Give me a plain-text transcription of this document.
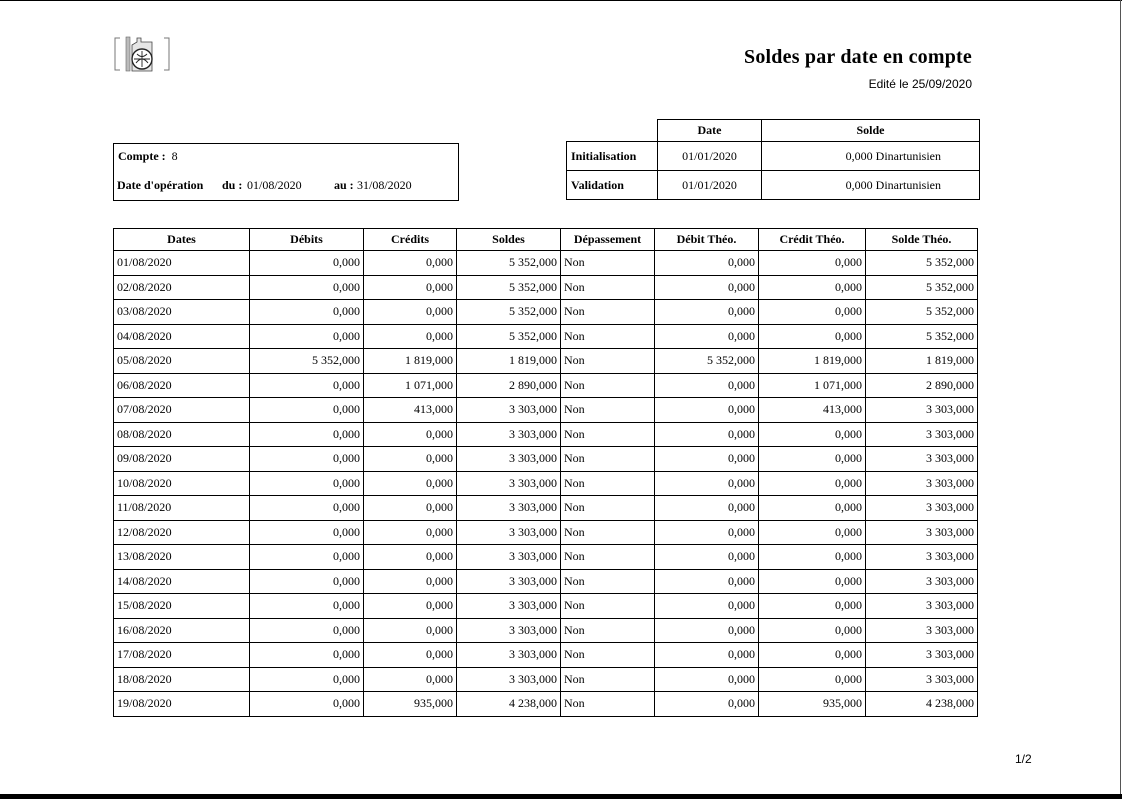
Soldes par date en compte
Edité le 25/09/2020
Compte : 8
Date d'opération du : 01/08/2020	au : 31/08/2020
	Date	Solde
Initialisation	01/01/2020	0,000 Dinartunisien
Validation	01/01/2020	0,000 Dinartunisien
Dates	Débits	Crédits	Soldes	Dépassement	Débit Théo.	Crédit Théo.	Solde Théo.
01/08/2020	0,000	0,000	5 352,000	Non	0,000	0,000	5 352,000
02/08/2020	0,000	0,000	5 352,000	Non	0,000	0,000	5 352,000
03/08/2020	0,000	0,000	5 352,000	Non	0,000	0,000	5 352,000
04/08/2020	0,000	0,000	5 352,000	Non	0,000	0,000	5 352,000
05/08/2020	5 352,000	1 819,000	1 819,000	Non	5 352,000	1 819,000	1 819,000
06/08/2020	0,000	1 071,000	2 890,000	Non	0,000	1 071,000	2 890,000
07/08/2020	0,000	413,000	3 303,000	Non	0,000	413,000	3 303,000
08/08/2020	0,000	0,000	3 303,000	Non	0,000	0,000	3 303,000
09/08/2020	0,000	0,000	3 303,000	Non	0,000	0,000	3 303,000
10/08/2020	0,000	0,000	3 303,000	Non	0,000	0,000	3 303,000
11/08/2020	0,000	0,000	3 303,000	Non	0,000	0,000	3 303,000
12/08/2020	0,000	0,000	3 303,000	Non	0,000	0,000	3 303,000
13/08/2020	0,000	0,000	3 303,000	Non	0,000	0,000	3 303,000
14/08/2020	0,000	0,000	3 303,000	Non	0,000	0,000	3 303,000
15/08/2020	0,000	0,000	3 303,000	Non	0,000	0,000	3 303,000
16/08/2020	0,000	0,000	3 303,000	Non	0,000	0,000	3 303,000
17/08/2020	0,000	0,000	3 303,000	Non	0,000	0,000	3 303,000
18/08/2020	0,000	0,000	3 303,000	Non	0,000	0,000	3 303,000
19/08/2020	0,000	935,000	4 238,000	Non	0,000	935,000	4 238,000
1/2
